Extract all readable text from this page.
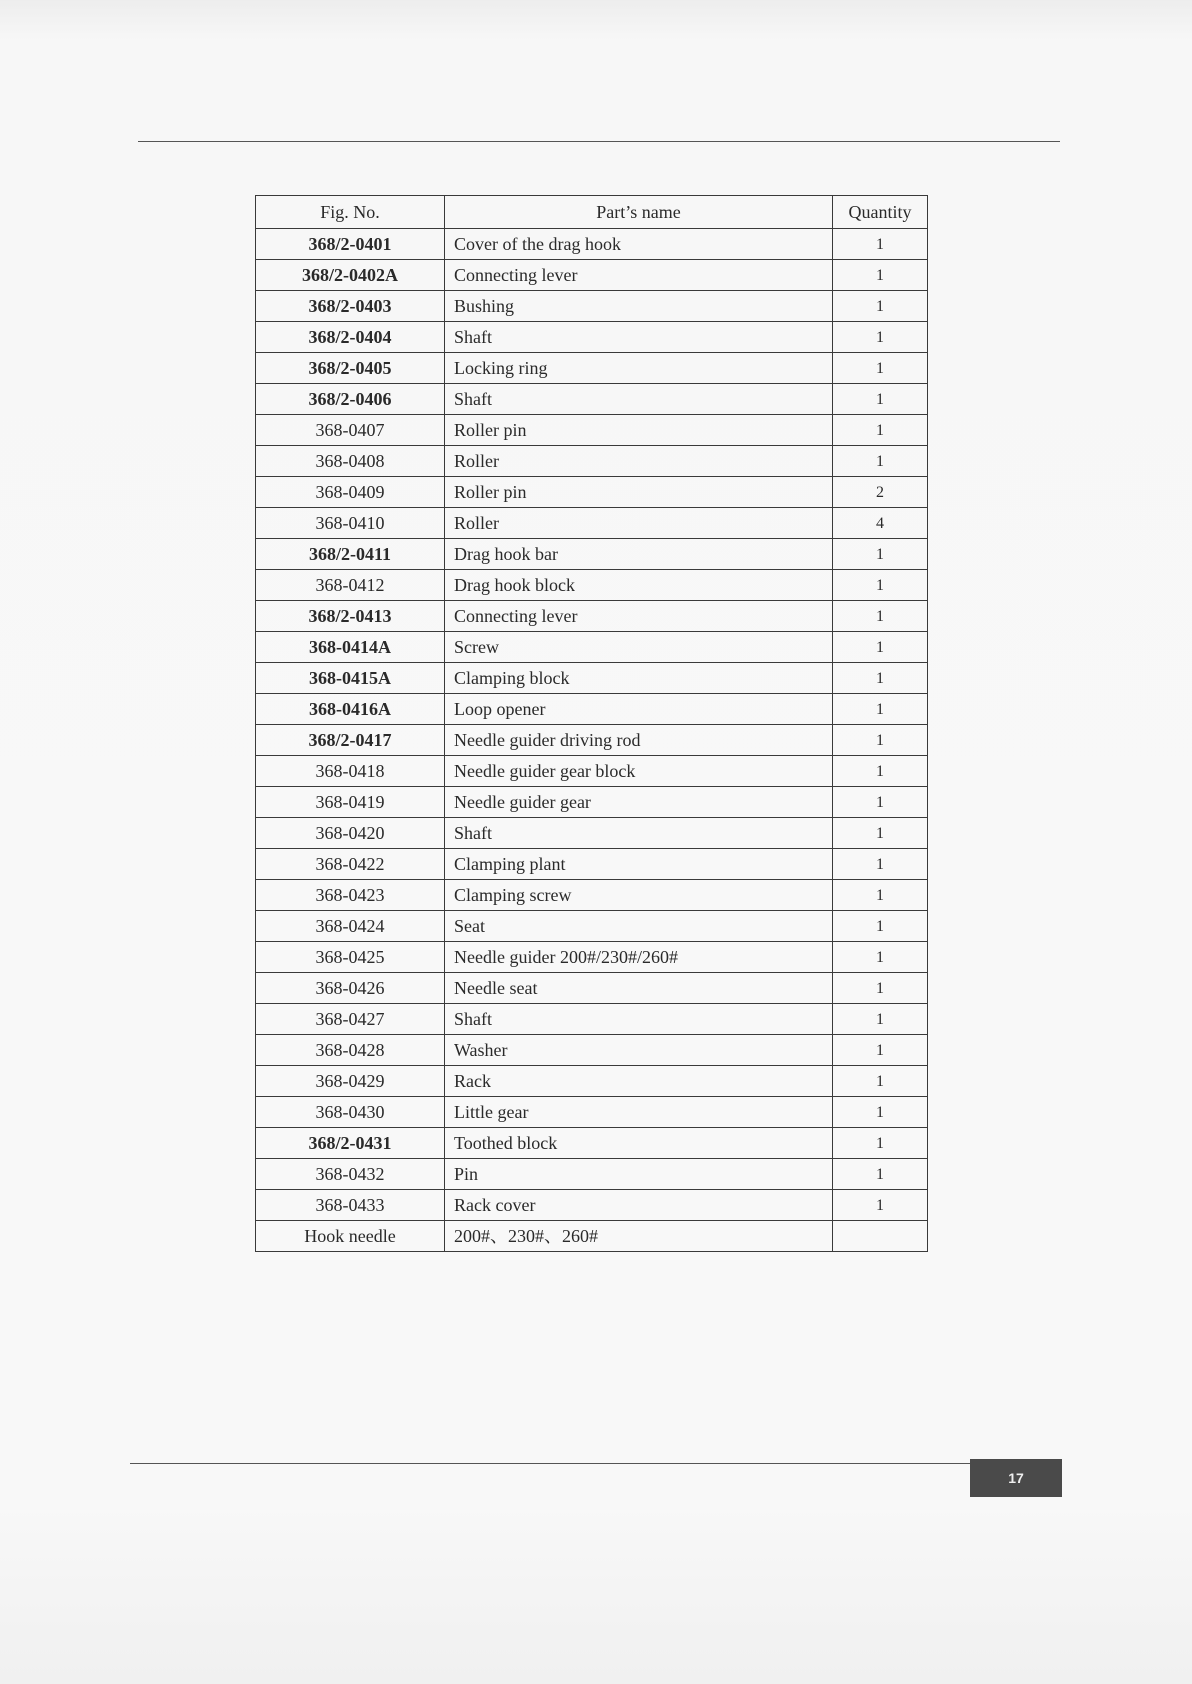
Fig. No.	Part’s name	Quantity
368/2-0401	Cover of the drag hook	1
368/2-0402A	Connecting lever	1
368/2-0403	Bushing	1
368/2-0404	Shaft	1
368/2-0405	Locking ring	1
368/2-0406	Shaft	1
368-0407	Roller pin	1
368-0408	Roller	1
368-0409	Roller pin	2
368-0410	Roller	4
368/2-0411	Drag hook bar	1
368-0412	Drag hook block	1
368/2-0413	Connecting lever	1
368-0414A	Screw	1
368-0415A	Clamping block	1
368-0416A	Loop opener	1
368/2-0417	Needle guider driving rod	1
368-0418	Needle guider gear block	1
368-0419	Needle guider gear	1
368-0420	Shaft	1
368-0422	Clamping plant	1
368-0423	Clamping screw	1
368-0424	Seat	1
368-0425	Needle guider 200#/230#/260#	1
368-0426	Needle seat	1
368-0427	Shaft	1
368-0428	Washer	1
368-0429	Rack	1
368-0430	Little gear	1
368/2-0431	Toothed block	1
368-0432	Pin	1
368-0433	Rack cover	1
Hook needle	200#、230#、260#	
17
